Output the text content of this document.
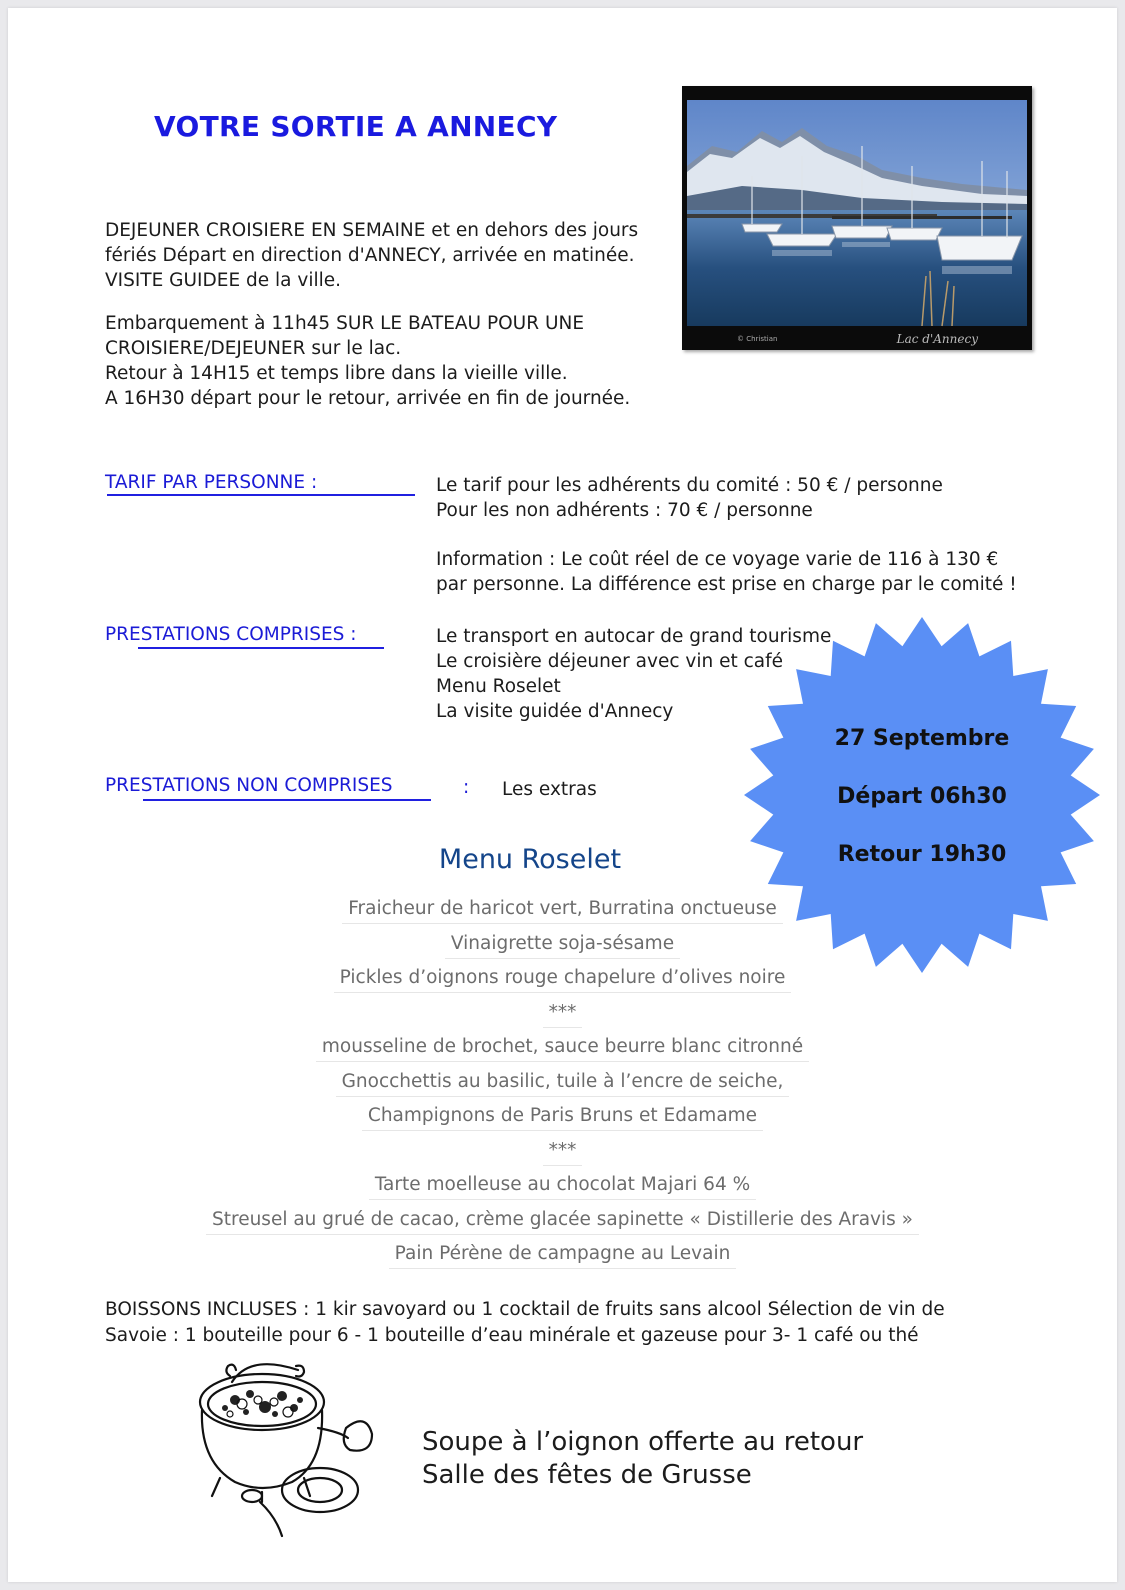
VOTRE SORTIE A ANNECY

DEJEUNER CROISIERE EN SEMAINE et en dehors des jours fériés Départ en direction d'ANNECY, arrivée en matinée. VISITE GUIDEE de la ville.

Embarquement à 11h45 SUR LE BATEAU POUR UNE
CROISIERE/DEJEUNER sur le lac.
Retour à 14H15 et temps libre dans la vieille ville.
A 16H30 départ pour le retour, arrivée en fin de journée.
© Christian	Lac d'Annecy
TARIF PAR PERSONNE :	Le tarif pour les adhérents du comité : 50 € / personne
Pour les non adhérents : 70 € / personne
Information : Le coût réel de ce voyage varie de 116 à 130 €
par personne. La différence est prise en charge par le comité !
PRESTATIONS COMPRISES :	Le transport en autocar de grand tourisme
Le croisière déjeuner avec vin et café
Menu Roselet
La visite guidée d'Annecy
PRESTATIONS NON COMPRISES	: Les extras
27 Septembre
Départ 06h30
Retour 19h30
Menu Roselet
Fraicheur de haricot vert, Burratina onctueuse
Vinaigrette soja-sésame
Pickles d’oignons rouge chapelure d’olives noire
***
mousseline de brochet, sauce beurre blanc citronné
Gnocchettis au basilic, tuile à l’encre de seiche,
Champignons de Paris Bruns et Edamame
***
Tarte moelleuse au chocolat Majari 64 %
Streusel au grué de cacao, crème glacée sapinette « Distillerie des Aravis »
Pain Pérène de campagne au Levain
BOISSONS INCLUSES : 1 kir savoyard ou 1 cocktail de fruits sans alcool Sélection de vin de
Savoie : 1 bouteille pour 6 - 1 bouteille d’eau minérale et gazeuse pour 3- 1 café ou thé
Soupe à l’oignon offerte au retour
Salle des fêtes de Grusse
